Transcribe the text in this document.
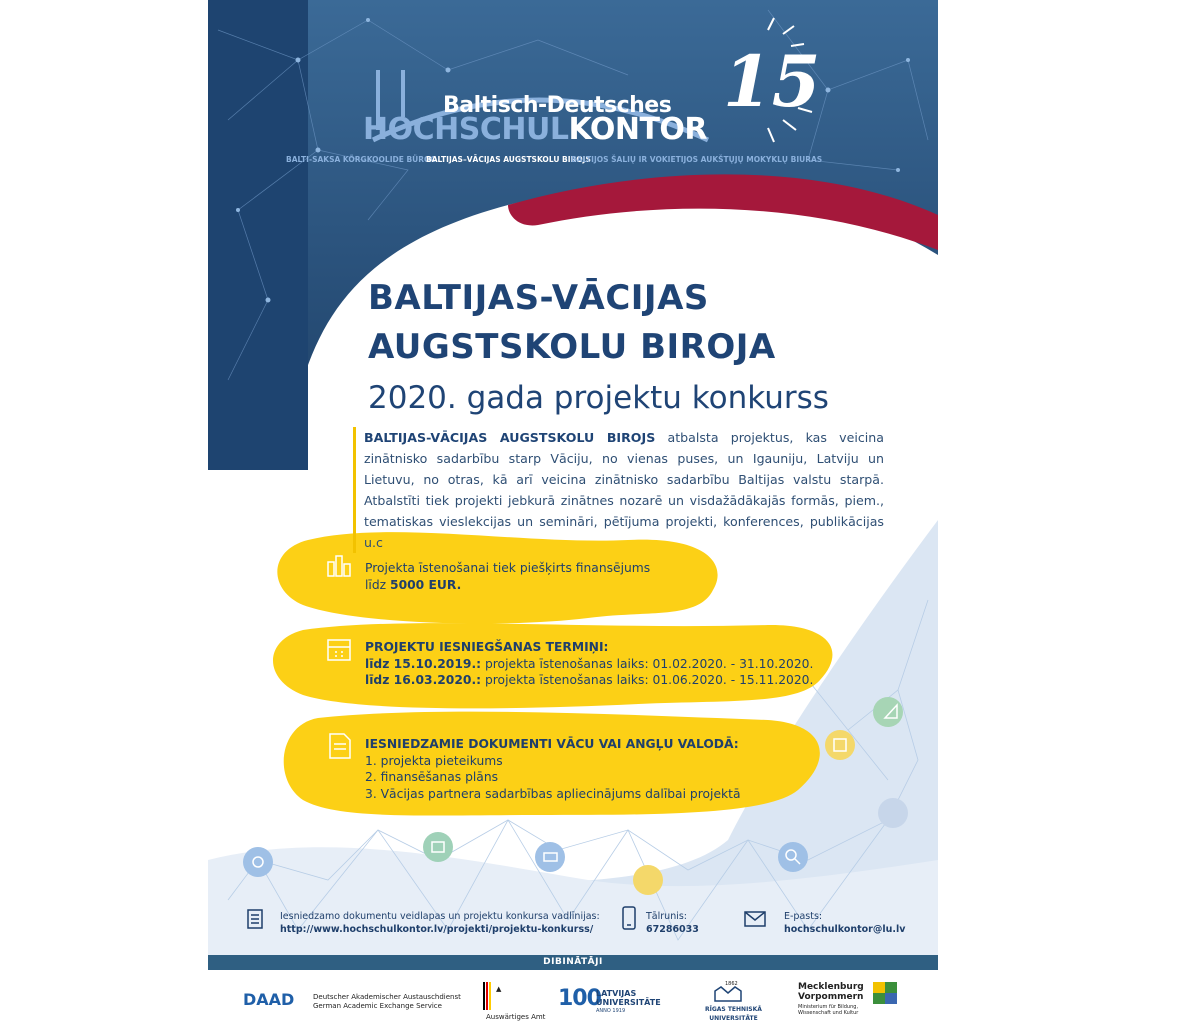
Baltisch-Deutsches
HOCHSCHULKONTOR
15
BALTI-SAKSA KÕRGKOOLIDE BÜROO
BALTIJAS–VĀCIJAS AUGSTSKOLU BIROJS
BALTIJOS ŠALIŲ IR VOKIETIJOS AUKŠTŲJŲ MOKYKLŲ BIURAS
BALTIJAS-VĀCIJAS
AUGSTSKOLU BIROJA
2020. gada projektu konkurss
BALTIJAS-VĀCIJAS AUGSTSKOLU BIROJS atbalsta projektus, kas veicina zinātnisko sadarbību starp Vāciju, no vienas puses, un Igauniju, Latviju un Lietuvu, no otras, kā arī veicina zinātnisko sadarbību Baltijas valstu starpā. Atbalstīti tiek projekti jebkurā zinātnes nozarē un visdažādākajās formās, piem., tematiskas vieslekcijas un semināri, pētījuma projekti, konferences, publikācijas u.c
Projekta īstenošanai tiek piešķirts finansējums
līdz 5000 EUR.
PROJEKTU IESNIEGŠANAS TERMIŅI:
līdz 15.10.2019.: projekta īstenošanas laiks: 01.02.2020. - 31.10.2020.
līdz 16.03.2020.: projekta īstenošanas laiks: 01.06.2020. - 15.11.2020.
IESNIEDZAMIE DOKUMENTI VĀCU VAI ANGĻU VALODĀ:
1. projekta pieteikums
2. finansēšanas plāns
3. Vācijas partnera sadarbības apliecinājums dalībai projektā
Iesniedzamo dokumentu veidlapas un projektu konkursa vadlīnijas:
http://www.hochschulkontor.lv/projekti/projektu-konkurss/
Tālrunis:
67286033
E-pasts:
hochschulkontor@lu.lv
DIBINĀTĀJI
DAAD	Deutscher Akademischer Austauschdienst
German Academic Exchange Service
▲
Auswärtiges Amt
100
LATVIJAS
UNIVERSITĀTE
ANNO 1919
1862
RĪGAS TEHNISKĀ
UNIVERSITĀTE
Mecklenburg
Vorpommern
Ministerium für Bildung,
Wissenschaft und Kultur
